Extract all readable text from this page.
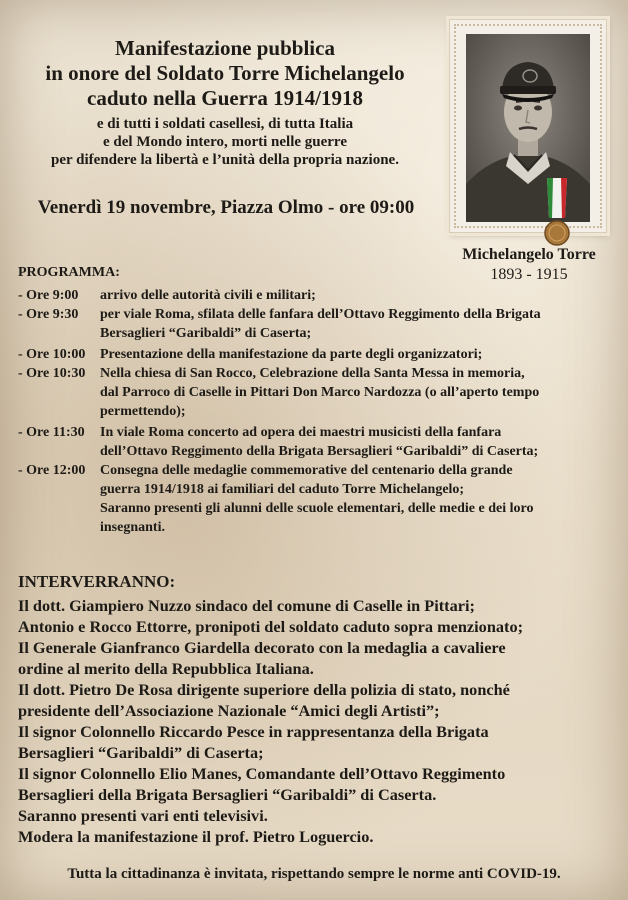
Manifestazione pubblica
in onore del Soldato Torre Michelangelo
caduto nella Guerra 1914/1918
e di tutti i soldati casellesi, di tutta Italia
e del Mondo intero, morti nelle guerre
per difendere la libertà e l’unità della propria nazione.
Venerdì 19 novembre, Piazza Olmo - ore 09:00
Michelangelo Torre
1893 - 1915
PROGRAMMA:
- Ore 9:00 arrivo delle autorità civili e militari;
- Ore 9:30 per viale Roma, sfilata delle fanfara dell’Ottavo Reggimento della Brigata
Bersaglieri “Garibaldi” di Caserta;
- Ore 10:00 Presentazione della manifestazione da parte degli organizzatori;
- Ore 10:30 Nella chiesa di San Rocco, Celebrazione della Santa Messa in memoria,
dal Parroco di Caselle in Pittari Don Marco Nardozza (o all’aperto tempo
permettendo);
- Ore 11:30 In viale Roma concerto ad opera dei maestri musicisti della fanfara
dell’Ottavo Reggimento della Brigata Bersaglieri “Garibaldi” di Caserta;
- Ore 12:00 Consegna delle medaglie commemorative del centenario della grande
guerra 1914/1918 ai familiari del caduto Torre Michelangelo;
Saranno presenti gli alunni delle scuole elementari, delle medie e dei loro
insegnanti.
INTERVERRANNO:
Il dott. Giampiero Nuzzo sindaco del comune di Caselle in Pittari;
Antonio e Rocco Ettorre, pronipoti del soldato caduto sopra menzionato;
Il Generale Gianfranco Giardella decorato con la medaglia a cavaliere
ordine al merito della Repubblica Italiana.
Il dott. Pietro De Rosa dirigente superiore della polizia di stato, nonché
presidente dell’Associazione Nazionale “Amici degli Artisti”;
Il signor Colonnello Riccardo Pesce in rappresentanza della Brigata
Bersaglieri “Garibaldi” di Caserta;
Il signor Colonnello Elio Manes, Comandante dell’Ottavo Reggimento
Bersaglieri della Brigata Bersaglieri “Garibaldi” di Caserta.
Saranno presenti vari enti televisivi.
Modera la manifestazione il prof. Pietro Loguercio.
Tutta la cittadinanza è invitata, rispettando sempre le norme anti COVID-19.
